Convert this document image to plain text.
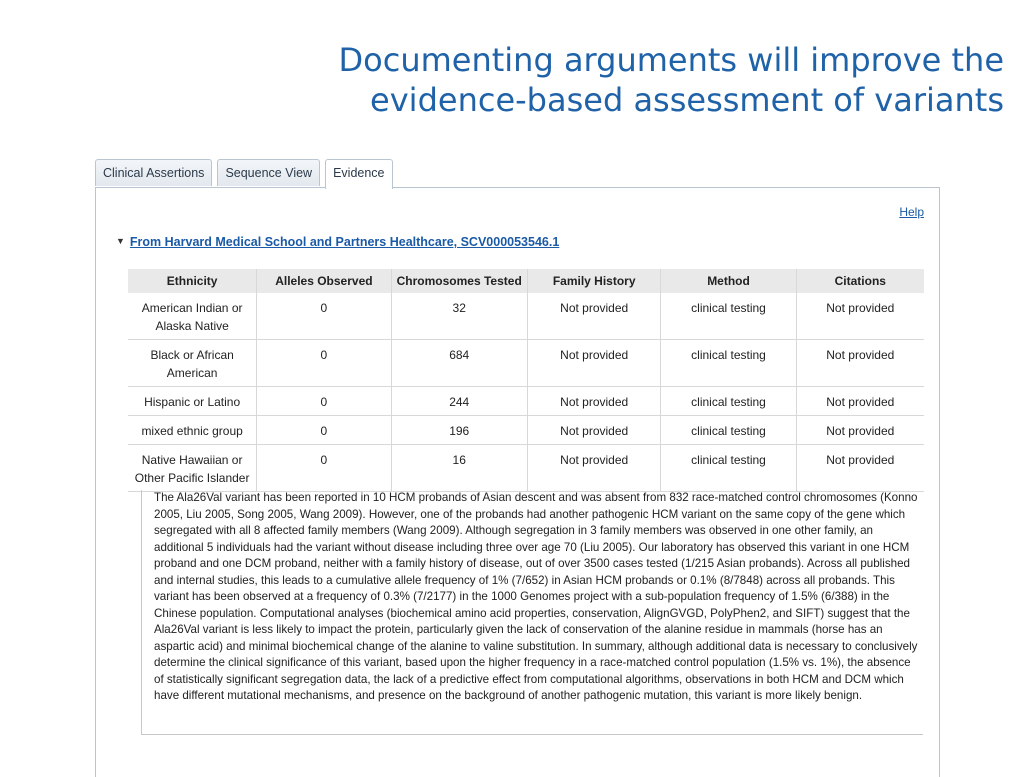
Documenting arguments will improve the
evidence-based assessment of variants
Clinical Assertions	Sequence View	Evidence
Help
▼ From Harvard Medical School and Partners Healthcare, SCV000053546.1
Ethnicity	Alleles Observed	Chromosomes Tested	Family History	Method	Citations
American Indian or Alaska Native	0	32	Not provided	clinical testing	Not provided
Black or African American	0	684	Not provided	clinical testing	Not provided
Hispanic or Latino	0	244	Not provided	clinical testing	Not provided
mixed ethnic group	0	196	Not provided	clinical testing	Not provided
Native Hawaiian or Other Pacific Islander	0	16	Not provided	clinical testing	Not provided

The Ala26Val variant has been reported in 10 HCM probands of Asian descent and was absent from 832 race-matched control chromosomes (Konno 2005, Liu 2005, Song 2005, Wang 2009). However, one of the probands had another pathogenic HCM variant on the same copy of the gene which segregated with all 8 affected family members (Wang 2009). Although segregation in 3 family members was observed in one other family, an additional 5 individuals had the variant without disease including three over age 70 (Liu 2005). Our laboratory has observed this variant in one HCM proband and one DCM proband, neither with a family history of disease, out of over 3500 cases tested (1/215 Asian probands). Across all published and internal studies, this leads to a cumulative allele frequency of 1% (7/652) in Asian HCM probands or 0.1% (8/7848) across all probands. This variant has been observed at a frequency of 0.3% (7/2177) in the 1000 Genomes project with a sub-population frequency of 1.5% (6/388) in the Chinese population. Computational analyses (biochemical amino acid properties, conservation, AlignGVGD, PolyPhen2, and SIFT) suggest that the Ala26Val variant is less likely to impact the protein, particularly given the lack of conservation of the alanine residue in mammals (horse has an aspartic acid) and minimal biochemical change of the alanine to valine substitution. In summary, although additional data is necessary to conclusively determine the clinical significance of this variant, based upon the higher frequency in a race-matched control population (1.5% vs. 1%), the absence of statistically significant segregation data, the lack of a predictive effect from computational algorithms, observations in both HCM and DCM which have different mutational mechanisms, and presence on the background of another pathogenic mutation, this variant is more likely benign.
